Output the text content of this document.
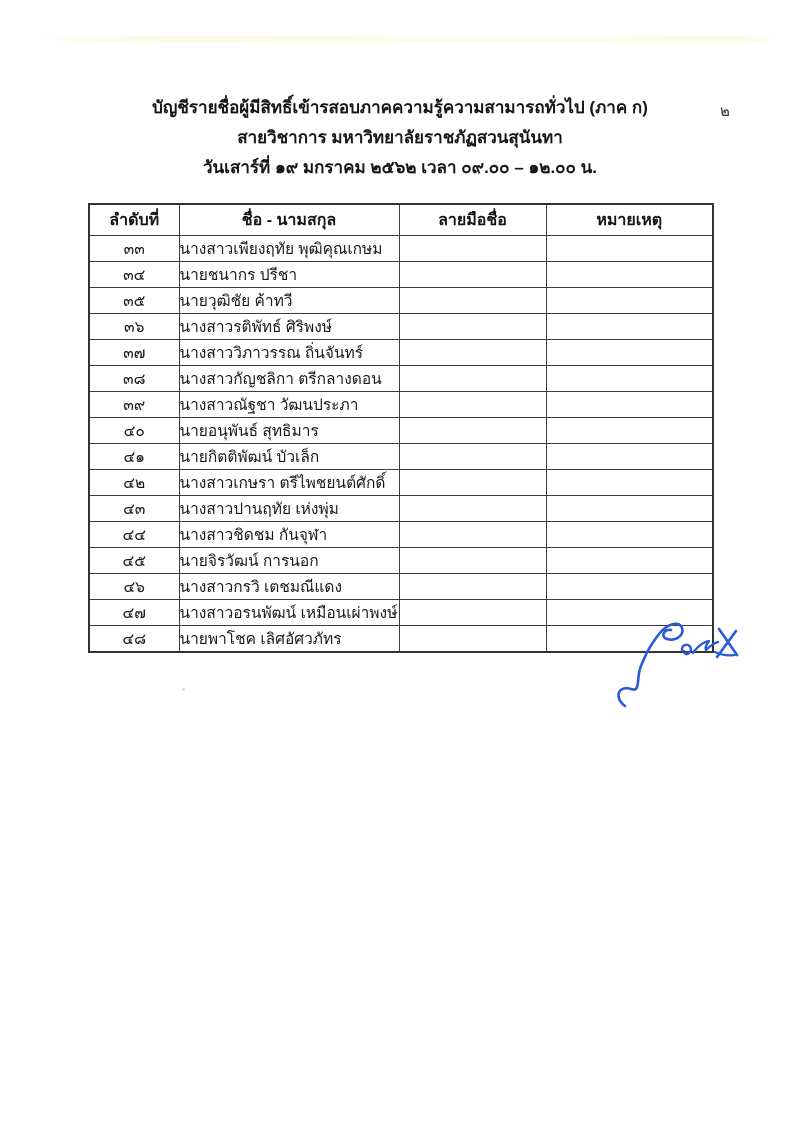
๒
บัญชีรายชื่อผู้มีสิทธิ์เข้ารสอบภาคความรู้ความสามารถทั่วไป (ภาค ก)
สายวิชาการ มหาวิทยาลัยราชภัฏสวนสุนันทา
วันเสาร์ที่ ๑๙ มกราคม ๒๕๖๒ เวลา ๐๙.๐๐ – ๑๒.๐๐ น.
ลำดับที่	ชื่อ - นามสกุล	ลายมือชื่อ	หมายเหตุ
๓๓	นางสาวเพียงฤทัย พุฒิคุณเกษม		
๓๔	นายชนากร ปรีชา		
๓๕	นายวุฒิชัย ค้าทวี		
๓๖	นางสาวรติพัทธ์ ศิริพงษ์		
๓๗	นางสาววิภาวรรณ ถิ่นจันทร์		
๓๘	นางสาวกัญชลิกา ตรีกลางดอน		
๓๙	นางสาวณัฐชา วัฒนประภา		
๔๐	นายอนุพันธ์ สุทธิมาร		
๔๑	นายกิตติพัฒน์ บัวเล็ก		
๔๒	นางสาวเกษรา ตรีไพชยนต์ศักดิ์		
๔๓	นางสาวปานฤทัย เห่งพุ่ม		
๔๔	นางสาวชิดชม กันจุฬา		
๔๕	นายจิรวัฒน์ การนอก		
๔๖	นางสาวกรวิ เตชมณีแดง		
๔๗	นางสาวอรนพัฒน์ เหมือนเผ่าพงษ์		
๔๘	นายพาโชค เลิศอัศวภัทร		
